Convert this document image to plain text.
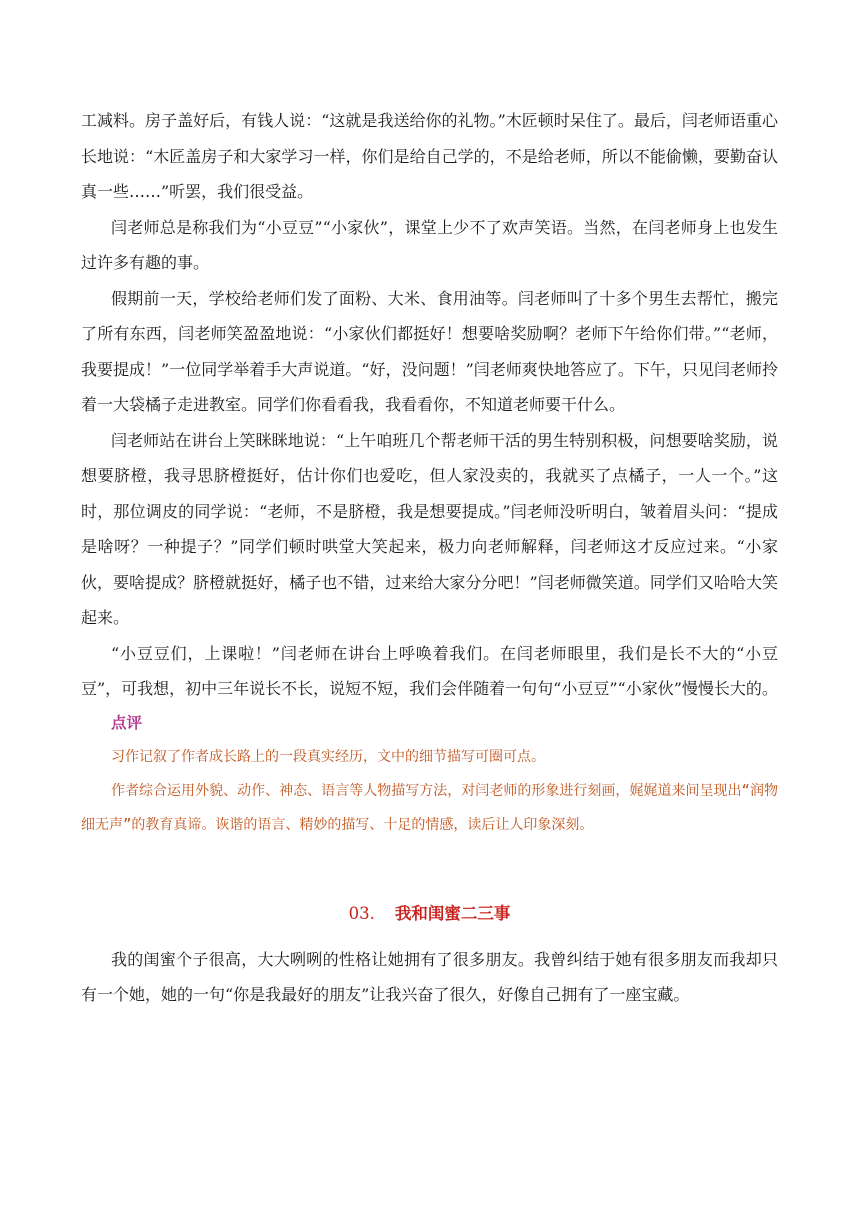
工减料。房子盖好后，有钱人说：“这就是我送给你的礼物。”木匠顿时呆住了。最后，闫老师语重心长地说：“木匠盖房子和大家学习一样，你们是给自己学的，不是给老师，所以不能偷懒，要勤奋认真一些……”听罢，我们很受益。

闫老师总是称我们为“小豆豆”“小家伙”，课堂上少不了欢声笑语。当然，在闫老师身上也发生过许多有趣的事。

假期前一天，学校给老师们发了面粉、大米、食用油等。闫老师叫了十多个男生去帮忙，搬完了所有东西，闫老师笑盈盈地说：“小家伙们都挺好！想要啥奖励啊？老师下午给你们带。”“老师，我要提成！”一位同学举着手大声说道。“好，没问题！”闫老师爽快地答应了。下午，只见闫老师拎着一大袋橘子走进教室。同学们你看看我，我看看你，不知道老师要干什么。

闫老师站在讲台上笑眯眯地说：“上午咱班几个帮老师干活的男生特别积极，问想要啥奖励，说想要脐橙，我寻思脐橙挺好，估计你们也爱吃，但人家没卖的，我就买了点橘子，一人一个。”这时，那位调皮的同学说：“老师，不是脐橙，我是想要提成。”闫老师没听明白，皱着眉头问：“提成是啥呀？一种提子？”同学们顿时哄堂大笑起来，极力向老师解释，闫老师这才反应过来。“小家伙，要啥提成？脐橙就挺好，橘子也不错，过来给大家分分吧！”闫老师微笑道。同学们又哈哈大笑起来。

“小豆豆们，上课啦！”闫老师在讲台上呼唤着我们。在闫老师眼里，我们是长不大的“小豆豆”，可我想，初中三年说长不长，说短不短，我们会伴随着一句句“小豆豆”“小家伙”慢慢长大的。

点评

习作记叙了作者成长路上的一段真实经历，文中的细节描写可圈可点。

作者综合运用外貌、动作、神态、语言等人物描写方法，对闫老师的形象进行刻画，娓娓道来间呈现出“润物细无声”的教育真谛。诙谐的语言、精妙的描写、十足的情感，读后让人印象深刻。

03. 我和闺蜜二三事

我的闺蜜个子很高，大大咧咧的性格让她拥有了很多朋友。我曾纠结于她有很多朋友而我却只有一个她，她的一句“你是我最好的朋友”让我兴奋了很久，好像自己拥有了一座宝藏。
